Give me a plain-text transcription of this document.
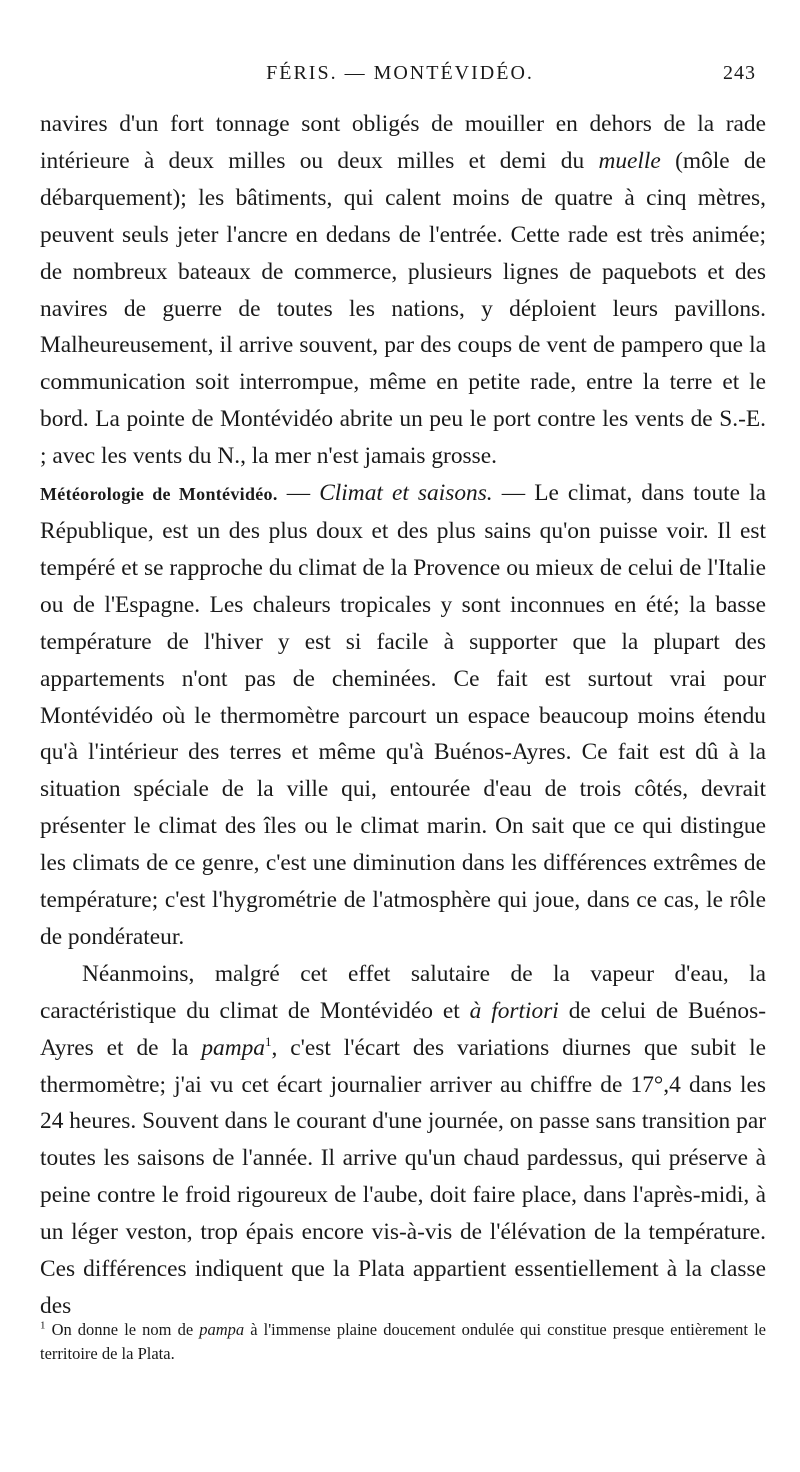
FÉRIS. — MONTÉVIDÉO.	243

navires d'un fort tonnage sont obligés de mouiller en dehors de la rade intérieure à deux milles ou deux milles et demi du muelle (môle de débarquement); les bâtiments, qui calent moins de quatre à cinq mètres, peuvent seuls jeter l'ancre en dedans de l'entrée. Cette rade est très animée; de nombreux bateaux de commerce, plusieurs lignes de paquebots et des navires de guerre de toutes les nations, y déploient leurs pavillons. Malheureusement, il arrive souvent, par des coups de vent de pampero que la communication soit interrompue, même en petite rade, entre la terre et le bord. La pointe de Montévidéo abrite un peu le port contre les vents de S.-E. ; avec les vents du N., la mer n'est jamais grosse.

Météorologie de Montévidéo. — Climat et saisons. — Le climat, dans toute la République, est un des plus doux et des plus sains qu'on puisse voir. Il est tempéré et se rapproche du climat de la Provence ou mieux de celui de l'Italie ou de l'Espagne. Les chaleurs tropicales y sont inconnues en été; la basse température de l'hiver y est si facile à supporter que la plupart des appartements n'ont pas de cheminées. Ce fait est surtout vrai pour Montévidéo où le thermomètre parcourt un espace beaucoup moins étendu qu'à l'intérieur des terres et même qu'à Buénos-Ayres. Ce fait est dû à la situation spéciale de la ville qui, entourée d'eau de trois côtés, devrait présenter le climat des îles ou le climat marin. On sait que ce qui distingue les climats de ce genre, c'est une diminution dans les différences extrêmes de température; c'est l'hygrométrie de l'atmosphère qui joue, dans ce cas, le rôle de pondérateur.

Néanmoins, malgré cet effet salutaire de la vapeur d'eau, la caractéristique du climat de Montévidéo et à fortiori de celui de Buénos-Ayres et de la pampa$^1$, c'est l'écart des variations diurnes que subit le thermomètre; j'ai vu cet écart journalier arriver au chiffre de 17°,4 dans les 24 heures. Souvent dans le courant d'une journée, on passe sans transition par toutes les saisons de l'année. Il arrive qu'un chaud pardessus, qui préserve à peine contre le froid rigoureux de l'aube, doit faire place, dans l'après-midi, à un léger veston, trop épais encore vis-à-vis de l'élévation de la température. Ces différences indiquent que la Plata appartient essentiellement à la classe des

$^1$ On donne le nom de pampa à l'immense plaine doucement ondulée qui constitue presque entièrement le territoire de la Plata.
